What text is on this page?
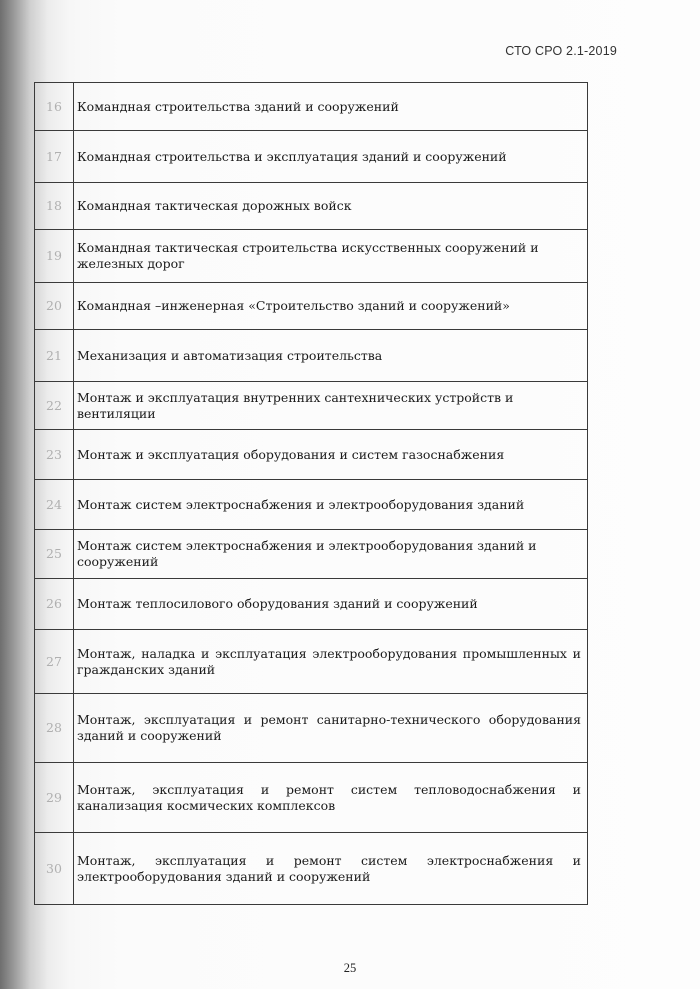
СТО СРО 2.1-2019
16	Командная строительства зданий и сооружений
17	Командная строительства и эксплуатация зданий и сооружений
18	Командная тактическая дорожных войск
19	Командная тактическая строительства искусственных сооружений и железных дорог
20	Командная –инженерная «Строительство зданий и сооружений»
21	Механизация и автоматизация строительства
22	Монтаж и эксплуатация внутренних сантехнических устройств и вентиляции
23	Монтаж и эксплуатация оборудования и систем газоснабжения
24	Монтаж систем электроснабжения и электрооборудования зданий
25	Монтаж систем электроснабжения и электрооборудования зданий и сооружений
26	Монтаж теплосилового оборудования зданий и сооружений
27	Монтаж, наладка и эксплуатация электрооборудования промышленных и гражданских зданий
28	Монтаж, эксплуатация и ремонт санитарно-технического оборудования зданий и сооружений
29	Монтаж, эксплуатация и ремонт систем тепловодоснабжения и канализация космических комплексов
30	Монтаж, эксплуатация и ремонт систем электроснабжения и электрооборудования зданий и сооружений
25
